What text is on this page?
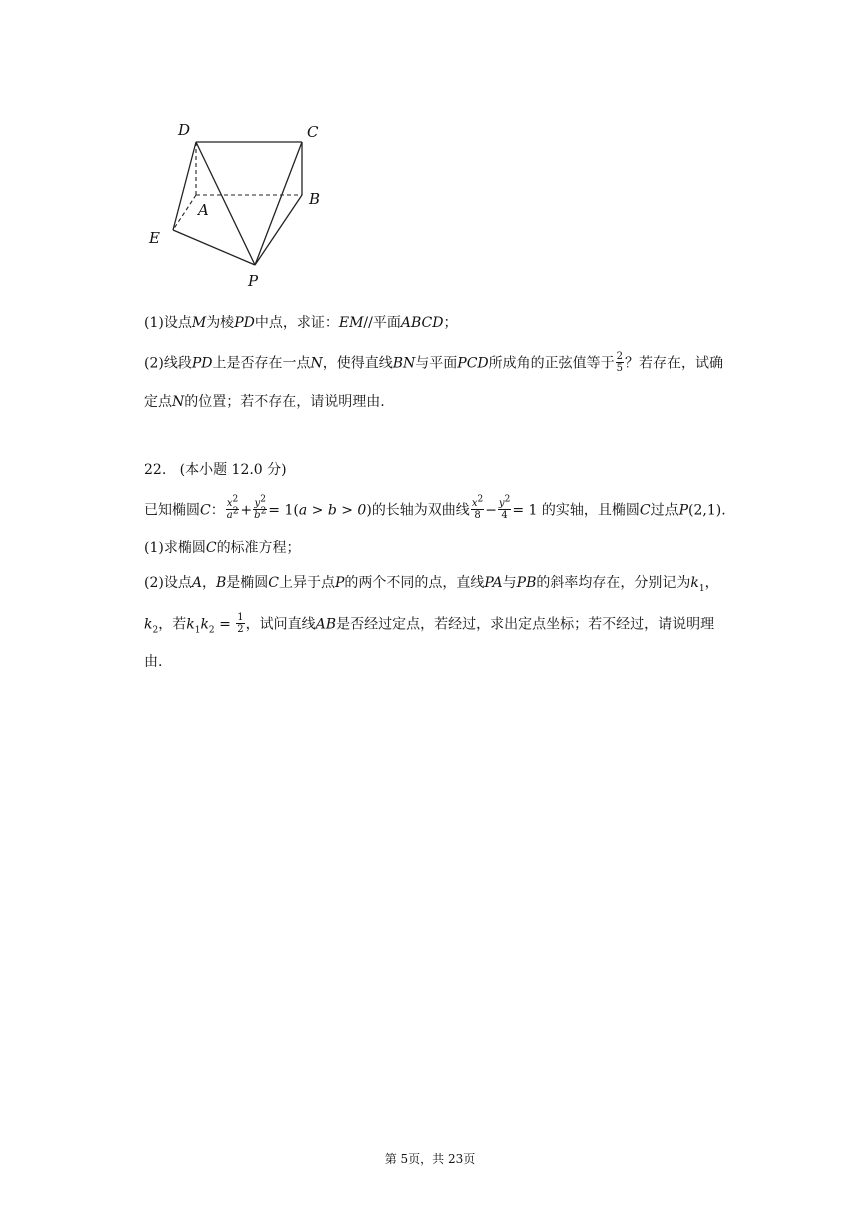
D	C
A
B
E
P
(1)设点M为棱PD中点，求证：EM//平面ABCD；
(2)线段PD上是否存在一点N，使得直线BN与平面PCD所成角的正弦值等于 $\frac{2}{5}$ ？若存在，试确
定点N的位置；若不存在，请说明理由.
22. (本小题 12.0 分)
已知椭圆C： $\frac{x^2}{a^2} + \frac{y^2}{b^2} = 1(a > b > 0)$的长轴为双曲线 $\frac{x^2}{8} - \frac{y^2}{4} = 1$ 的实轴，且椭圆C过点P(2,1).
(1)求椭圆C的标准方程；
(2)设点A，B是椭圆C上异于点P的两个不同的点，直线PA与PB的斜率均存在，分别记为$k_1$，
$k_2$，若$k_1k_2 = \frac{1}{2}$ ，试问直线AB是否经过定点，若经过，求出定点坐标；若不经过，请说明理
由.
第 5页，共 23页
